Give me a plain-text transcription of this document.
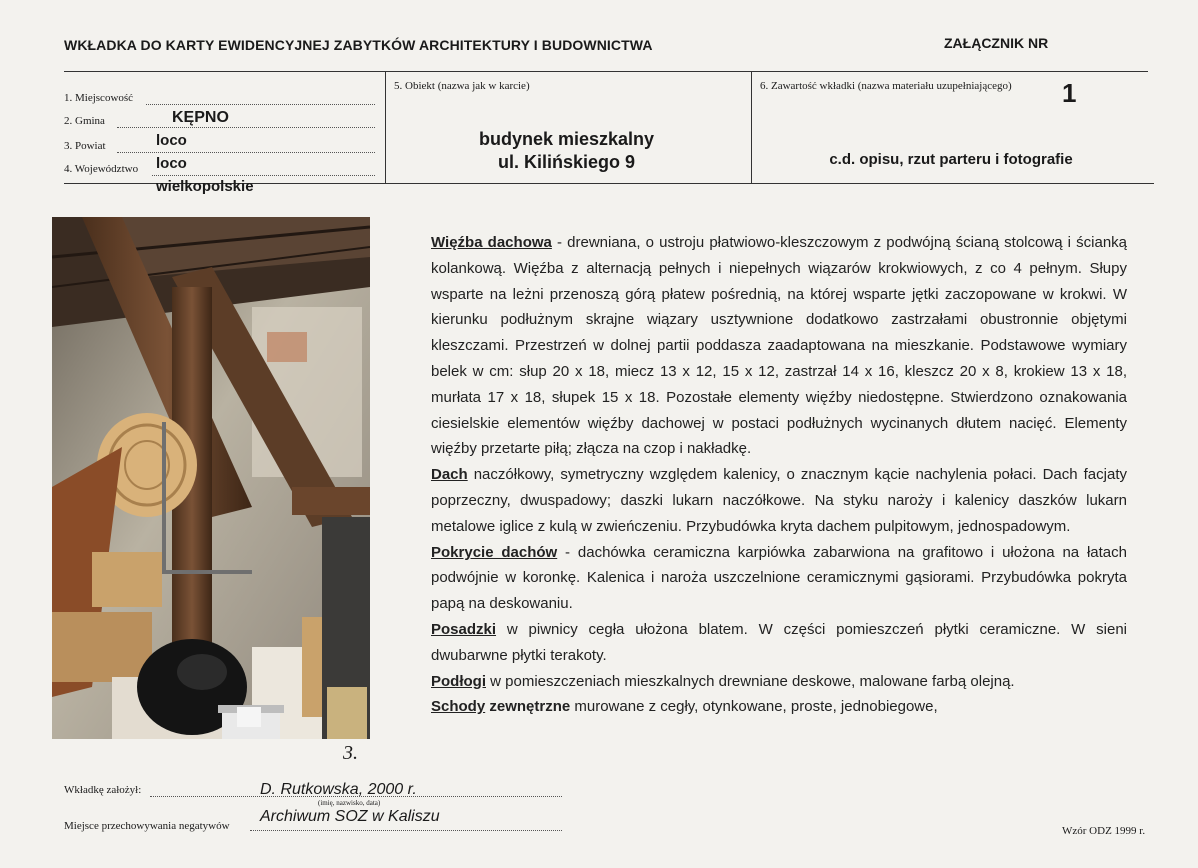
WKŁADKA DO KARTY EWIDENCYJNEJ ZABYTKÓW ARCHITEKTURY I BUDOWNICTWA	ZAŁĄCZNIK NR
1
1. Miejscowość
KĘPNO
2. Gmina
loco
3. Powiat
loco
4. Województwo
wielkopolskie
5. Obiekt (nazwa jak w karcie)
budynek mieszkalny
ul. Kilińskiego 9
6. Zawartość wkładki (nazwa materiału uzupełniającego)
c.d. opisu, rzut parteru i fotografie
3.

Więźba dachowa - drewniana, o ustroju płatwiowo-kleszczowym z podwójną ścianą stolcową i ścianką kolankową. Więźba z alternacją pełnych i niepełnych wiązarów krokwiowych, z co 4 pełnym. Słupy wsparte na leżni przenoszą górą płatew pośrednią, na której wsparte jętki zaczopowane w krokwi. W kierunku podłużnym skrajne wiązary usztywnione dodatkowo zastrzałami obustronnie objętymi kleszczami. Przestrzeń w dolnej partii poddasza zaadaptowana na mieszkanie. Podstawowe wymiary belek w cm: słup 20 x 18, miecz 13 x 12, 15 x 12, zastrzał 14 x 16, kleszcz 20 x 8, krokiew 13 x 18, murłata 17 x 18, słupek 15 x 18. Pozostałe elementy więźby niedostępne. Stwierdzono oznakowania ciesielskie elementów więźby dachowej w postaci podłużnych wycinanych dłutem nacięć. Elementy więźby przetarte piłą; złącza na czop i nakładkę.

Dach naczółkowy, symetryczny względem kalenicy, o znacznym kącie nachylenia połaci. Dach facjaty poprzeczny, dwuspadowy; daszki lukarn naczółkowe. Na styku naroży i kalenicy daszków lukarn metalowe iglice z kulą w zwieńczeniu. Przybudówka kryta dachem pulpitowym, jednospadowym.

Pokrycie dachów - dachówka ceramiczna karpiówka zabarwiona na grafitowo i ułożona na łatach podwójnie w koronkę. Kalenica i naroża uszczelnione ceramicznymi gąsiorami. Przybudówka pokryta papą na deskowaniu.

Posadzki w piwnicy cegła ułożona blatem. W części pomieszczeń płytki ceramiczne. W sieni dwubarwne płytki terakoty.

Podłogi w pomieszczeniach mieszkalnych drewniane deskowe, malowane farbą olejną.

Schody zewnętrzne murowane z cegły, otynkowane, proste, jednobiegowe,

Wkładkę założył:	D. Rutkowska, 2000 r.
(imię, nazwisko, data)
Miejsce przechowywania negatywów
Archiwum SOZ w Kaliszu
Wzór ODZ 1999 r.
